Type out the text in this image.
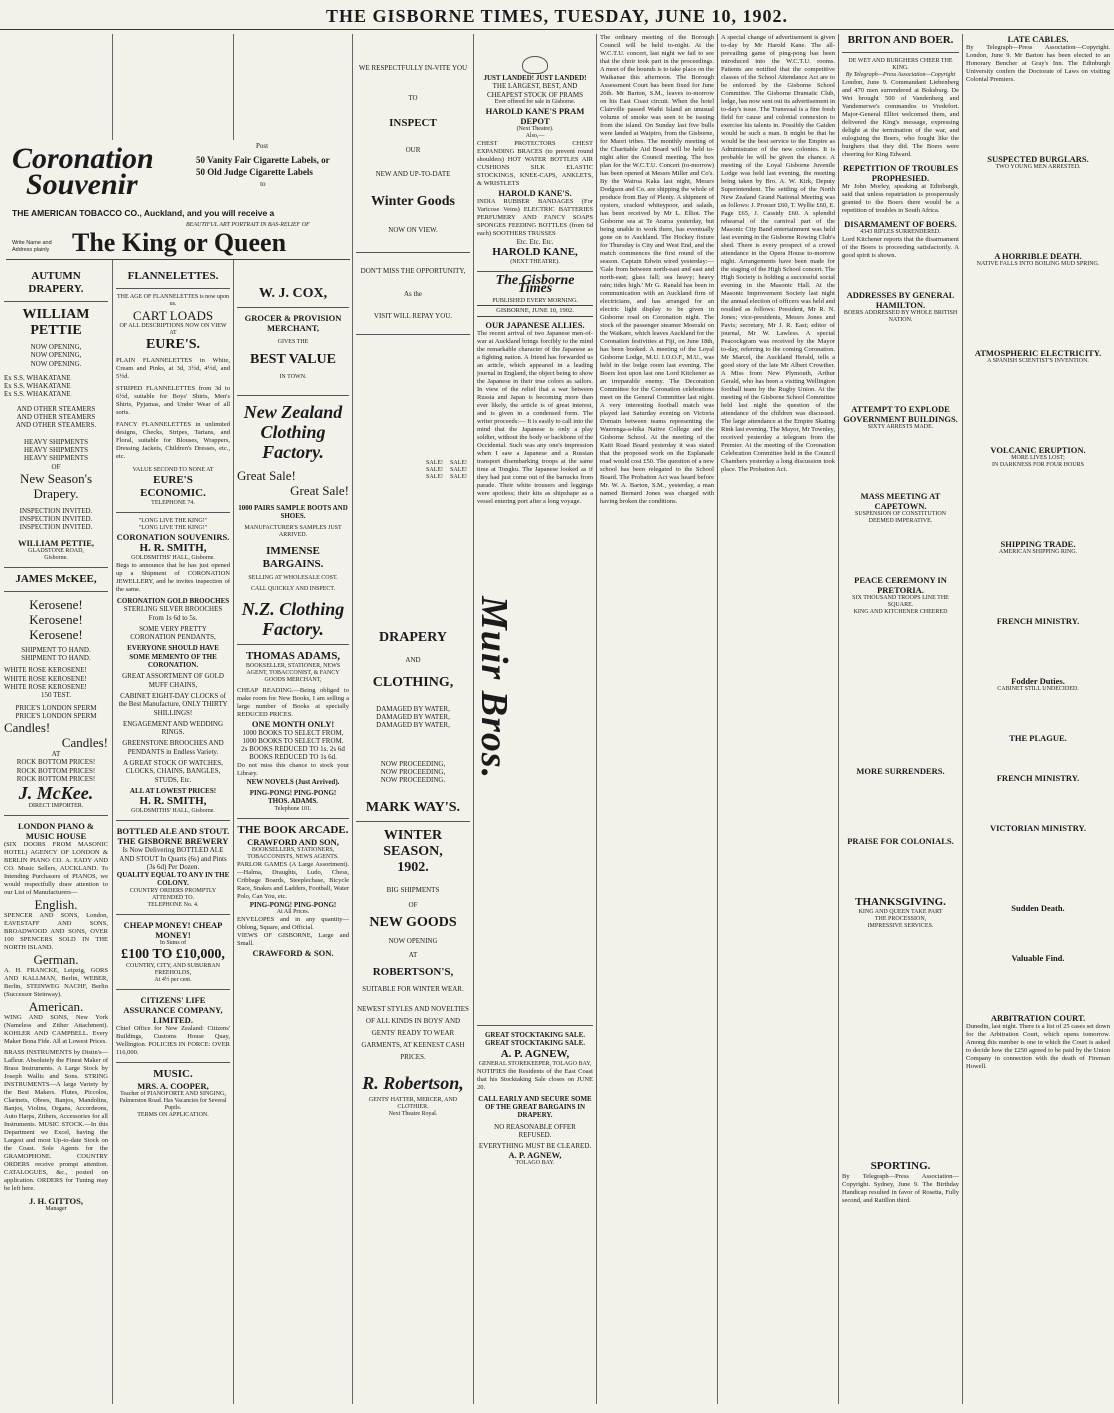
THE GISBORNE TIMES, TUESDAY, JUNE 10, 1902.
Coronation
Souvenir
Post
50 Vanity Fair Cigarette Labels, or
50 Old Judge Cigarette Labels
to
THE AMERICAN TOBACCO CO., Auckland, and you will receive a
BEAUTIFUL ART PORTRAIT IN BAS-RELIEF OF
Write Name and Address plainly The King or Queen
AUTUMN DRAPERY.
WILLIAM
PETTIE
NOW OPENING,
NOW OPENING,
NOW OPENING.
Ex S.S. WHAKATANE
Ex S.S. WHAKATANE
Ex S.S. WHAKATANE
AND OTHER STEAMERS
AND OTHER STEAMERS
AND OTHER STEAMERS.
HEAVY SHIPMENTS
HEAVY SHIPMENTS
HEAVY SHIPMENTS
OF
New Season's
Drapery.
INSPECTION INVITED.
INSPECTION INVITED.
INSPECTION INVITED.
WILLIAM PETTIE,
GLADSTONE ROAD,
Gisborne.
JAMES McKEE,
Kerosene!
Kerosene!
Kerosene!
SHIPMENT TO HAND.
SHIPMENT TO HAND.
WHITE ROSE KEROSENE!
WHITE ROSE KEROSENE!
WHITE ROSE KEROSENE!
150 TEST.
PRICE'S LONDON SPERM
PRICE'S LONDON SPERM
Candles!
Candles!
AT
ROCK BOTTOM PRICES!
ROCK BOTTOM PRICES!
ROCK BOTTOM PRICES!
J. McKee.
DIRECT IMPORTER.
LONDON PIANO & MUSIC HOUSE
(SIX DOORS FROM MASONIC HOTEL) AGENCY OF LONDON & BERLIN PIANO CO. A. EADY AND CO. Music Sellers, AUCKLAND. To Intending Purchasers of PIANOS, we would respectfully draw attention to our List of Manufacturers—
English.
SPENCER AND SONS, London, EAVESTAFF AND SONS, BROADWOOD AND SONS, OVER 100 SPENCERS SOLD IN THE NORTH ISLAND.
German.
A. H. FRANCKE, Leipzig, GORS AND KALLMAN, Berlin, WEBER, Berlin, STEINWEG NACHF, Berlin (Successor Steinway).
American.
WING AND SONS, New York (Nameless and Zither Attachment). KOHLER AND CAMPBELL. Every Maker Bona Fide. All at Lowest Prices.
BRASS INSTRUMENTS by Distin's—Lafleur. Absolutely the Finest Maker of Brass Instruments. A Large Stock by Joseph Wallis and Sons. STRING INSTRUMENTS—A large Variety by the Best Makers. Flutes, Piccolos, Clarinets, Oboes, Banjos, Mandolins, Banjos, Violins, Organs, Accordeons, Auto Harps, Zithers, Accessories for all Instruments. MUSIC STOCK.—In this Department we Excel, having the Largest and most Up-to-date Stock on the Coast. Sole Agents for the GRAMOPHONE. COUNTRY ORDERS receive prompt attention. CATALOGUES, &c., posted on application. ORDERS for Tuning may be left here.
J. H. GITTOS,
Manager
FLANNELETTES.
THE AGE OF FLANNELETTES is now upon us.
CART LOADS
OF ALL DESCRIPTIONS NOW ON VIEW AT
EURE'S.
PLAIN FLANNELETTES in White, Cream and Pinks, at 3d, 3½d, 4½d, and 5½d.
STRIPED FLANNELETTES from 3d to 6½d, suitable for Boys' Shirts, Men's Shirts, Pyjamas, and Under Wear of all sorts.
FANCY FLANNELETTES in unlimited designs, Checks, Stripes, Tartans, and Floral, suitable for Blouses, Wrappers, Dressing Jackets, Children's Dresses, etc., etc.
VALUE SECOND TO NONE AT
EURE'S
ECONOMIC.
TELEPHONE 74.
"LONG LIVE THE KING!"
"LONG LIVE THE KING!"
CORONATION SOUVENIRS.
H. R. SMITH,
GOLDSMITHS' HALL, Gisborne.
Begs to announce that he has just opened up a Shipment of CORONATION JEWELLERY, and he invites inspection of the same.
CORONATION GOLD BROOCHES
STERLING SILVER BROOCHES From 1s 6d to 5s.
SOME VERY PRETTY CORONATION PENDANTS,
EVERYONE SHOULD HAVE SOME MEMENTO OF THE CORONATION.
GREAT ASSORTMENT OF GOLD MUFF CHAINS,
CABINET EIGHT-DAY CLOCKS of the Best Manufacture, ONLY THIRTY SHILLINGS!
ENGAGEMENT AND WEDDING RINGS.
GREENSTONE BROOCHES AND PENDANTS in Endless Variety.
A GREAT STOCK OF WATCHES, CLOCKS, CHAINS, BANGLES, STUDS, Etc.
ALL AT LOWEST PRICES!
H. R. SMITH,
GOLDSMITHS' HALL, Gisborne.
BOTTLED ALE AND STOUT.
THE GISBORNE BREWERY
Is Now Delivering BOTTLED ALE AND STOUT In Quarts (6s) and Pints (3s 6d) Per Dozen.
QUALITY EQUAL TO ANY IN THE COLONY.
COUNTRY ORDERS PROMPTLY ATTENDED TO.
TELEPHONE No. 4.
CHEAP MONEY! CHEAP MONEY!
In Sums of
£100 TO £10,000,
COUNTRY, CITY, AND SUBURBAN FREEHOLDS,
At 4½ per cent.
CITIZENS' LIFE ASSURANCE COMPANY, LIMITED.
Chief Office for New Zealand: Citizens' Buildings, Customs House Quay, Wellington. POLICIES IN FORCE: OVER 116,000.
MUSIC.
MRS. A. COOPER,
Teacher of PIANOFORTE AND SINGING, Palmerston Road. Has Vacancies for Several Pupils.
TERMS ON APPLICATION.
W. J. COX,
GROCER & PROVISION MERCHANT,
GIVES THE
BEST VALUE
IN TOWN.
New Zealand Clothing Factory.
Great Sale!
Great Sale!
1000 PAIRS SAMPLE BOOTS AND SHOES.
MANUFACTURER'S SAMPLES JUST ARRIVED.
IMMENSE BARGAINS.
SELLING AT WHOLESALE COST.
CALL QUICKLY AND INSPECT.
N.Z. Clothing Factory.
THOMAS ADAMS,
BOOKSELLER, STATIONER, NEWS AGENT, TOBACCONIST, & FANCY GOODS MERCHANT,
CHEAP READING.—Being obliged to make room for New Books, I am selling a large number of Books at specially REDUCED PRICES.
ONE MONTH ONLY!
1000 BOOKS TO SELECT FROM, 1000 BOOKS TO SELECT FROM.
2s BOOKS REDUCED TO 1s. 2s 6d BOOKS REDUCED TO 1s 6d.
Do not miss this chance to stock your Library.
NEW NOVELS (Just Arrived).
PING-PONG! PING-PONG!
THOS. ADAMS.
Telephone 101.
THE BOOK ARCADE.
CRAWFORD AND SON,
BOOKSELLERS, STATIONERS, TOBACCONISTS, NEWS AGENTS.
PARLOR GAMES (A Large Assortment).—Halma, Draughts, Ludo, Chess, Cribbage Boards, Steeplechase, Bicycle Race, Snakes and Ladders, Football, Water Polo, Can You, etc.
PING-PONG! PING-PONG!
At All Prices.
ENVELOPES and in any quantity—Oblong, Square, and Official.
VIEWS OF GISBORNE, Large and Small.
CRAWFORD & SON.
WE RESPECTFULLY IN-VITE YOU
TO
INSPECT
OUR
NEW AND UP-TO-DATE
Winter Goods
NOW ON VIEW.
DON'T MISS THE OPPORTUNITY,
As the
VISIT WILL REPAY YOU.
SALE!
SALE!
SALE!
SALE!
SALE!
SALE!
DRAPERY
AND
CLOTHING,
DAMAGED BY WATER,
DAMAGED BY WATER,
DAMAGED BY WATER,
NOW PROCEEDING,
NOW PROCEEDING,
NOW PROCEEDING.
MARK WAY'S.
WINTER SEASON,
1902.
BIG SHIPMENTS
OF
NEW GOODS
NOW OPENING
AT
ROBERTSON'S,
SUITABLE FOR WINTER WEAR.
NEWEST STYLES AND NOVELTIES OF ALL KINDS IN BOYS' AND GENTS' READY TO WEAR GARMENTS, AT KEENEST CASH PRICES.
R. Robertson,
GENTS' HATTER, MERCER, AND CLOTHIER.
Next Theatre Royal.
Muir Bros.
JUST LANDED! JUST LANDED!
THE LARGEST, BEST, AND CHEAPEST STOCK OF PRAMS
Ever offered for sale in Gisborne.
HAROLD KANE'S PRAM DEPOT
(Next Theatre).
Also,—
CHEST PROTECTORS CHEST EXPANDING BRACES (to prevent round shoulders) HOT WATER BOTTLES AIR CUSHIONS SILK ELASTIC STOCKINGS, KNEE-CAPS, ANKLETS, & WRISTLETS
HAROLD KANE'S.
INDIA RUBBER BANDAGES (For Varicose Veins) ELECTRIC BATTERIES PERFUMERY AND FANCY SOAPS SPONGES FEEDING BOTTLES (from 6d each) SOOTHERS TRUSSES
Etc. Etc. Etc.
HAROLD KANE,
(NEXT THEATRE).
The Gisborne Times
PUBLISHED EVERY MORNING.
GISBORNE, JUNE 10, 1902.
OUR JAPANESE ALLIES.
The recent arrival of two Japanese men-of-war at Auckland brings forcibly to the mind the remarkable character of the Japanese as a fighting nation. A friend has forwarded us an article, which appeared in a leading journal in England, the object being to show the Japanese in their true colors as sailors. In view of the relief that a war between Russia and Japan is becoming more than ever likely, the article is of great interest, and is given in a condensed form. The writer proceeds:— It is easily to call into the mind that the Japanese is only a play soldier, without the body or backbone of the Occidental. Such was any one's impression when I saw a Japanese and a Russian transport disembarking troops at the same time at Tongku. The Japanese looked as if they had just come out of the barracks from parade. Their white trousers and leggings were spotless; their kits as shipshape as a vessel entering port after a long voyage.
GREAT STOCKTAKING SALE. GREAT STOCKTAKING SALE.
A. P. AGNEW,
GENERAL STOREKEEPER, TOLAGO BAY,
NOTIFIES the Residents of the East Coast that his Stocktaking Sale closes on JUNE 20.
CALL EARLY AND SECURE SOME OF THE GREAT BARGAINS IN DRAPERY.
NO REASONABLE OFFER REFUSED.
EVERYTHING MUST BE CLEARED.
A. P. AGNEW,
TOLAGO BAY.
The ordinary meeting of the Borough Council will be held to-night. At the W.C.T.U. concert, last night we fail to see that the choir took part in the proceedings. A meet of the hounds is to take place on the Waikanae this afternoon. The Borough Assessment Court has been fixed for June 26th. Mr Barton, S.M., leaves to-morrow on his East Coast circuit. When the hotel Clairville passed Waihi Island an unusual volume of smoke was seen to be issuing from the island. On Sunday last five bulls were landed at Waipiro, from the Gisborne, for Maori tribes. The monthly meeting of the Charitable Aid Board will be held to-night after the Council meeting. The box plan for the W.C.T.U. Concert (to-morrow) has been opened at Messrs Miller and Co's. By the Wairoa Kaka last night, Messrs Dodgson and Co. are shipping the whole of produce from Bay of Plenty. A shipment of oysters, cracked whiteypoor, and salads, has been received by Mr L. Elliot. The Gisborne sea at Te Araroa yesterday, but being unable to work there, has eventually gone on to Auckland. The Hockey fixture for Thursday is City and West End, and the match commences the first round of the season. Captain Edwin wired yesterday:— 'Gale from between north-east and east and north-east; glass fall; sea heavy; heavy rain; tides high.' Mr G. Ranald has been in communication with an Auckland firm of electricians, and has arranged for an electric light display to be given in Gisborne road on Coronation night. The stock of the passenger steamer Moeraki on the Waikare, which leaves Auckland for the Coronation festivities at Fiji, on June 18th, has been booked. A meeting of the Loyal Gisborne Lodge, M.U. I.O.O.F., M.U., was held in the lodge room last evening. The Boers lost upon last one Lord Kitchener as an irreparable enemy. The Decoration Committee for the Coronation celebrations meet on the General Committee last night. A very interesting football match was played last Saturday evening on Victoria Domain between teams representing the Waerenga-a-hika Native College and the Gisborne School. At the meeting of the Kaiti Road Board yesterday it was stated that the proposed work on the Esplanade road would cost £50. The question of a new school has been relegated to the School Board. The Probation Act was heard before Mr. W. A. Barton, S.M., yesterday, a man named Bernard Jones was charged with having broken the conditions.
A special change of advertisement is given to-day by Mr Harold Kane. The all-prevailing game of ping-pong has been introduced into the W.C.T.U. rooms. Patients are notified that the competitive classes of the School Attendance Act are to be enforced by the Gisborne School Committee. The Gisborne Dramatic Club, lodge, has now sent out its advertisement in to-day's issue. The Transvaal is a fine fresh field for cause and colonial connexion to exercise his talents in. Possibly the Gaiden would be such a man. It might be that he would be the best service to the Empire as Administrator of the new colonies. It is probable he will be given the chance. A meeting of the Loyal Gisborne Juvenile Lodge was held last evening, the meeting being taken by Bro. A. W. Kirk, Deputy Superintendent. The settling of the North New Zealand Grand National Meeting was as follows: J. Prosser £60, T. Wyllie £60, E. Page £65, J. Cassidy £60. A splendid rehearsal of the carnival part of the Masonic City Band entertainment was held last evening in the Gisborne Rowing Club's shed. There is every prospect of a crowd attendance in the Opera House to-morrow night. Arrangements have been made for the staging of the High School concert. The High Society is holding a successful social evening in the Masonic Hall. At the Masonic Improvement Society last night the annual election of officers was held and resulted as follows: President, Mr R. N. Jones; vice-presidents, Messrs Jones and Pavis; secretary, Mr J. R. East; editor of journal, Mr W. Lawless. A special Peacockgram was received by the Mayor to-day, referring to the coming Coronation. Mr Marcel, the Auckland Herald, tells a good story of the late Mr Albert Crowther. A Miss from New Plymouth, Arthur Gerald, who has been a visiting Wellington football team by the Rugby Union. At the meeting of the Gisborne School Committee held last night the question of the attendance of the children was discussed. The large attendance at the Empire Skating Rink last evening. The Mayor, Mr Townley, received yesterday a telegram from the Premier. At the meeting of the Coronation Celebration Committee held in the Council Chambers yesterday a long discussion took place. The Probation Act.
BRITON AND BOER.
DE WET AND BURGHERS CHEER THE KING.
By Telegraph—Press Association—Copyright
London, June 9. Commandant Liebenberg and 470 men surrendered at Boksburg. De Wet brought 500 of Vandenberg and Vandemerwe's commandos to Vredefort. Major-General Elliot welcomed them, and delivered the King's message, expressing delight at the termination of the war, and eulogising the Boers, who fought like the burghers that they did. The Boers were cheering for King Edward.
REPETITION OF TROUBLES PROPHESIED.
Mr John Morley, speaking at Edinburgh, said that unless repatriation is prosperously granted to the Boers there would be a repetition of troubles in South Africa.
DISARMAMENT OF BOERS.
4343 RIFLES SURRENDERED.
Lord Kitchener reports that the disarmament of the Boers is proceeding satisfactorily. A good spirit is shown.
ADDRESSES BY GENERAL HAMILTON.
BOERS ADDRESSED BY WHOLE BRITISH NATION.
ATTEMPT TO EXPLODE GOVERNMENT BUILDINGS.
SIXTY ARRESTS MADE.
MASS MEETING AT CAPETOWN.
SUSPENSION OF CONSTITUTION DEEMED IMPERATIVE.
PEACE CEREMONY IN PRETORIA.
SIX THOUSAND TROOPS LINE THE SQUARE.
KING AND KITCHENER CHEERED
MORE SURRENDERS.
PRAISE FOR COLONIALS.
THANKSGIVING.
KING AND QUEEN TAKE PART
THE PROCESSION,
IMPRESSIVE SERVICES.
SPORTING.
By Telegraph—Press Association—Copyright. Sydney, June 9. The Birthday Handicap resulted in favor of Rosetta, Fully second, and Ratillon third.
LATE CABLES.
By Telegraph—Press Association—Copyright. London, June 9. Mr Barton has been elected to an Honorary Bencher at Gray's Inn. The Edinburgh University confers the Doctorate of Laws on visiting Colonial Premiers.
SUSPECTED BURGLARS.
TWO YOUNG MEN ARRESTED.
A HORRIBLE DEATH.
NATIVE FALLS INTO BOILING MUD SPRING.
ATMOSPHERIC ELECTRICITY.
A SPANISH SCIENTIST'S INVENTION.
VOLCANIC ERUPTION.
MORE LIVES LOST;
IN DARKNESS FOR FOUR HOURS
SHIPPING TRADE.
AMERICAN SHIPPING RING.
FRENCH MINISTRY.
Fodder Duties.
CABINET STILL UNDECIDED.
THE PLAGUE.
FRENCH MINISTRY.
VICTORIAN MINISTRY.
Sudden Death.
Valuable Find.
ARBITRATION COURT.
Dunedin, last night. There is a list of 25 cases set down for the Arbitration Court, which opens tomorrow. Among this number is one in which the Court is asked to decide how the £250 agreed to be paid by the Union Company in connection with the death of Fireman Howell.
